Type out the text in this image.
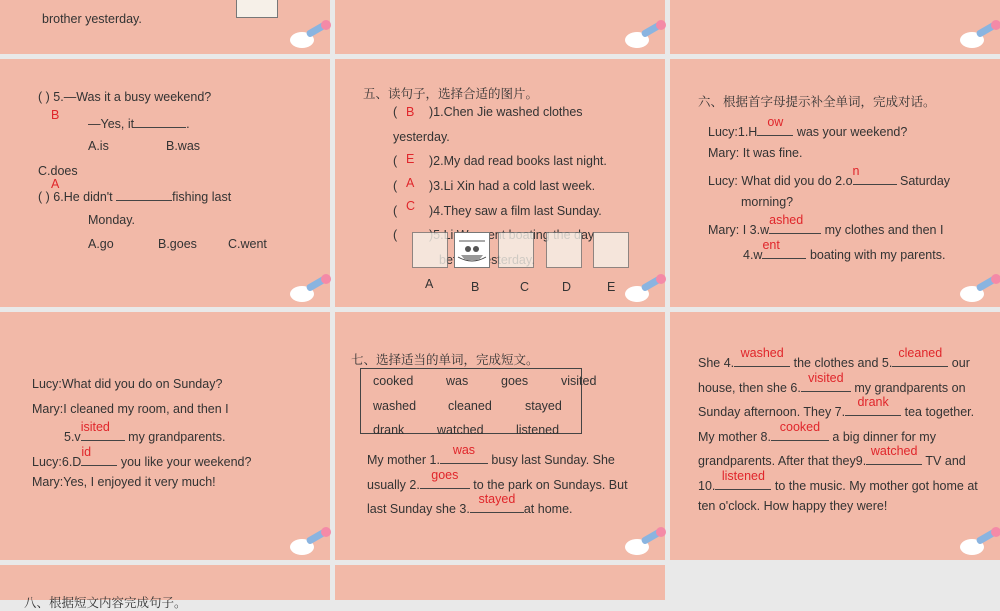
brother yesterday.
( ) 5.—Was it a busy weekend?
B
—Yes, it	.
A.is	B.was
C.does
A
( ) 6.He didn't	fishing last
Monday.
A.go	B.goes C.went
五、读句子，选择合适的图片。
( B )1.Chen Jie washed clothes
yesterday.
( E )2.My dad read books last night.
( A )3.Li Xin had a cold last week.
( C )4.They saw a film last Sunday.
(	went day
A	B	C	D	E
六、根据首字母提示补全单词，完成对话。
Lucy:1.H
ow
was your weekend?
Mary: It was fine.
Lucy: What did you do 2.o
n
Saturday
morning?
Mary: I 3.w
ashed
my clothes and then I
4.w
ent
boating with my parents.
Lucy:What did you do on Sunday?
Mary:I cleaned my room, and then I
5.v
isited
my grandparents.
Lucy:6.D
id
you like your weekend?
Mary:Yes, I enjoyed it very much!
七、选择适当的单词，完成短文。
cooked	was	goes	visited
washed	cleaned	stayed
drank	watched	listened
My mother 1.
was
busy last Sunday. She
usually 2.
goes
to the park on Sundays. But
last Sunday she 3.
stayed
at home.
She 4.
washed
the clothes and 5.
cleaned
our
house, then she 6.
visited
my grandparents on
Sunday afternoon. They 7.
drank
tea together.
My mother 8.
cooked
a big dinner for my
grandparents. After that they9.
watched
TV and
10.
listened
to the music. My mother got home at
ten o'clock. How happy they were!
八、根据短文内容完成句子。
